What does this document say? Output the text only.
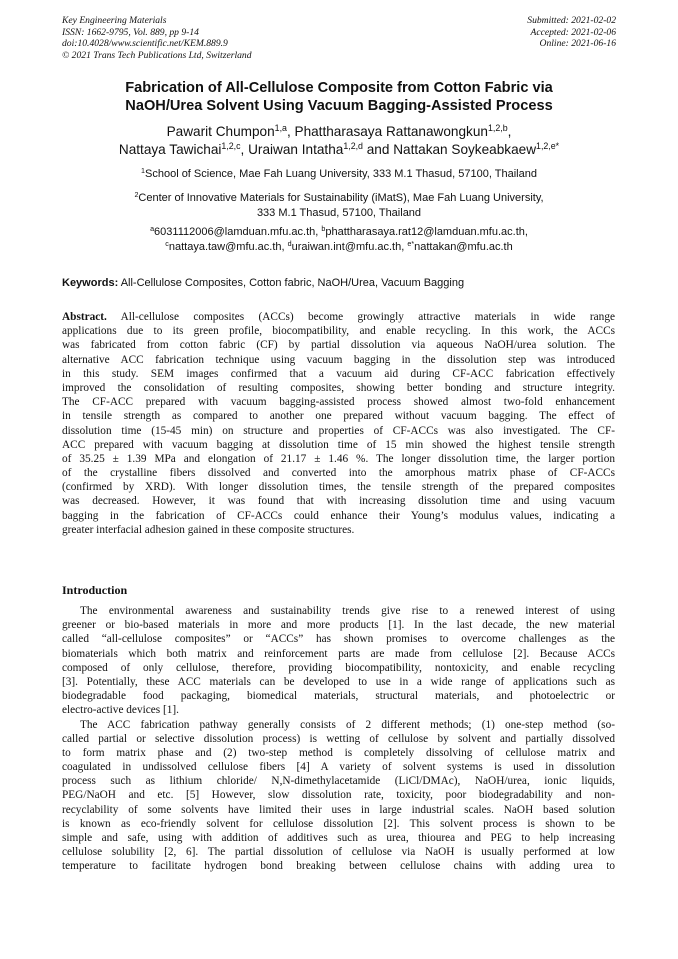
Key Engineering Materials
ISSN: 1662-9795, Vol. 889, pp 9-14
doi:10.4028/www.scientific.net/KEM.889.9
© 2021 Trans Tech Publications Ltd, Switzerland
Submitted: 2021-02-02
Accepted: 2021-02-06
Online: 2021-06-16
Fabrication of All-Cellulose Composite from Cotton Fabric via
NaOH/Urea Solvent Using Vacuum Bagging-Assisted Process
Pawarit Chumpon$^{1,a}$, Phattharasaya Rattanawongkun$^{1,2,b}$,
Nattaya Tawichai$^{1,2,c}$, Uraiwan Intatha$^{1,2,d}$ and Nattakan Soykeabkaew$^{1,2,e*}$
$^1$School of Science, Mae Fah Luang University, 333 M.1 Thasud, 57100, Thailand
$^2$Center of Innovative Materials for Sustainability (iMatS), Mae Fah Luang University,
333 M.1 Thasud, 57100, Thailand
$^a$6031112006@lamduan.mfu.ac.th, $^b$phattharasaya.rat12@lamduan.mfu.ac.th,
$^c$nattaya.taw@mfu.ac.th, $^d$uraiwan.int@mfu.ac.th, $^{e*}$nattakan@mfu.ac.th
Keywords: All-Cellulose Composites, Cotton fabric, NaOH/Urea, Vacuum Bagging
Abstract. All-cellulose composites (ACCs) become growingly attractive materials in wide range
applications due to its green profile, biocompatibility, and enable recycling. In this work, the ACCs
was fabricated from cotton fabric (CF) by partial dissolution via aqueous NaOH/urea solution. The
alternative ACC fabrication technique using vacuum bagging in the dissolution step was introduced
in this study. SEM images confirmed that a vacuum aid during CF-ACC fabrication effectively
improved the consolidation of resulting composites, showing better bonding and structure integrity.
The CF-ACC prepared with vacuum bagging-assisted process showed almost two-fold enhancement
in tensile strength as compared to another one prepared without vacuum bagging. The effect of
dissolution time (15-45 min) on structure and properties of CF-ACCs was also investigated. The CF-
ACC prepared with vacuum bagging at dissolution time of 15 min showed the highest tensile strength
of 35.25 ± 1.39 MPa and elongation of 21.17 ± 1.46 %. The longer dissolution time, the larger portion
of the crystalline fibers dissolved and converted into the amorphous matrix phase of CF-ACCs
(confirmed by XRD). With longer dissolution times, the tensile strength of the prepared composites
was decreased. However, it was found that with increasing dissolution time and using vacuum
bagging in the fabrication of CF-ACCs could enhance their Young’s modulus values, indicating a
greater interfacial adhesion gained in these composite structures.
Introduction
The environmental awareness and sustainability trends give rise to a renewed interest of using
greener or bio-based materials in more and more products [1]. In the last decade, the new material
called “all-cellulose composites” or “ACCs” has shown promises to overcome challenges as the
biomaterials which both matrix and reinforcement parts are made from cellulose [2]. Because ACCs
composed of only cellulose, therefore, providing biocompatibility, nontoxicity, and enable recycling
[3]. Potentially, these ACC materials can be developed to use in a wide range of applications such as
biodegradable food packaging, biomedical materials, structural materials, and photoelectric or
electro-active devices [1].
The ACC fabrication pathway generally consists of 2 different methods; (1) one-step method (so-
called partial or selective dissolution process) is wetting of cellulose by solvent and partially dissolved
to form matrix phase and (2) two-step method is completely dissolving of cellulose matrix and
coagulated in undissolved cellulose fibers [4] A variety of solvent systems is used in dissolution
process such as lithium chloride/ N,N-dimethylacetamide (LiCl/DMAc), NaOH/urea, ionic liquids,
PEG/NaOH and etc. [5] However, slow dissolution rate, toxicity, poor biodegradability and non-
recyclability of some solvents have limited their uses in large industrial scales. NaOH based solution
is known as eco-friendly solvent for cellulose dissolution [2]. This solvent process is shown to be
simple and safe, using with addition of additives such as urea, thiourea and PEG to help increasing
cellulose solubility [2, 6]. The partial dissolution of cellulose via NaOH is usually performed at low
temperature to facilitate hydrogen bond breaking between cellulose chains with adding urea to
